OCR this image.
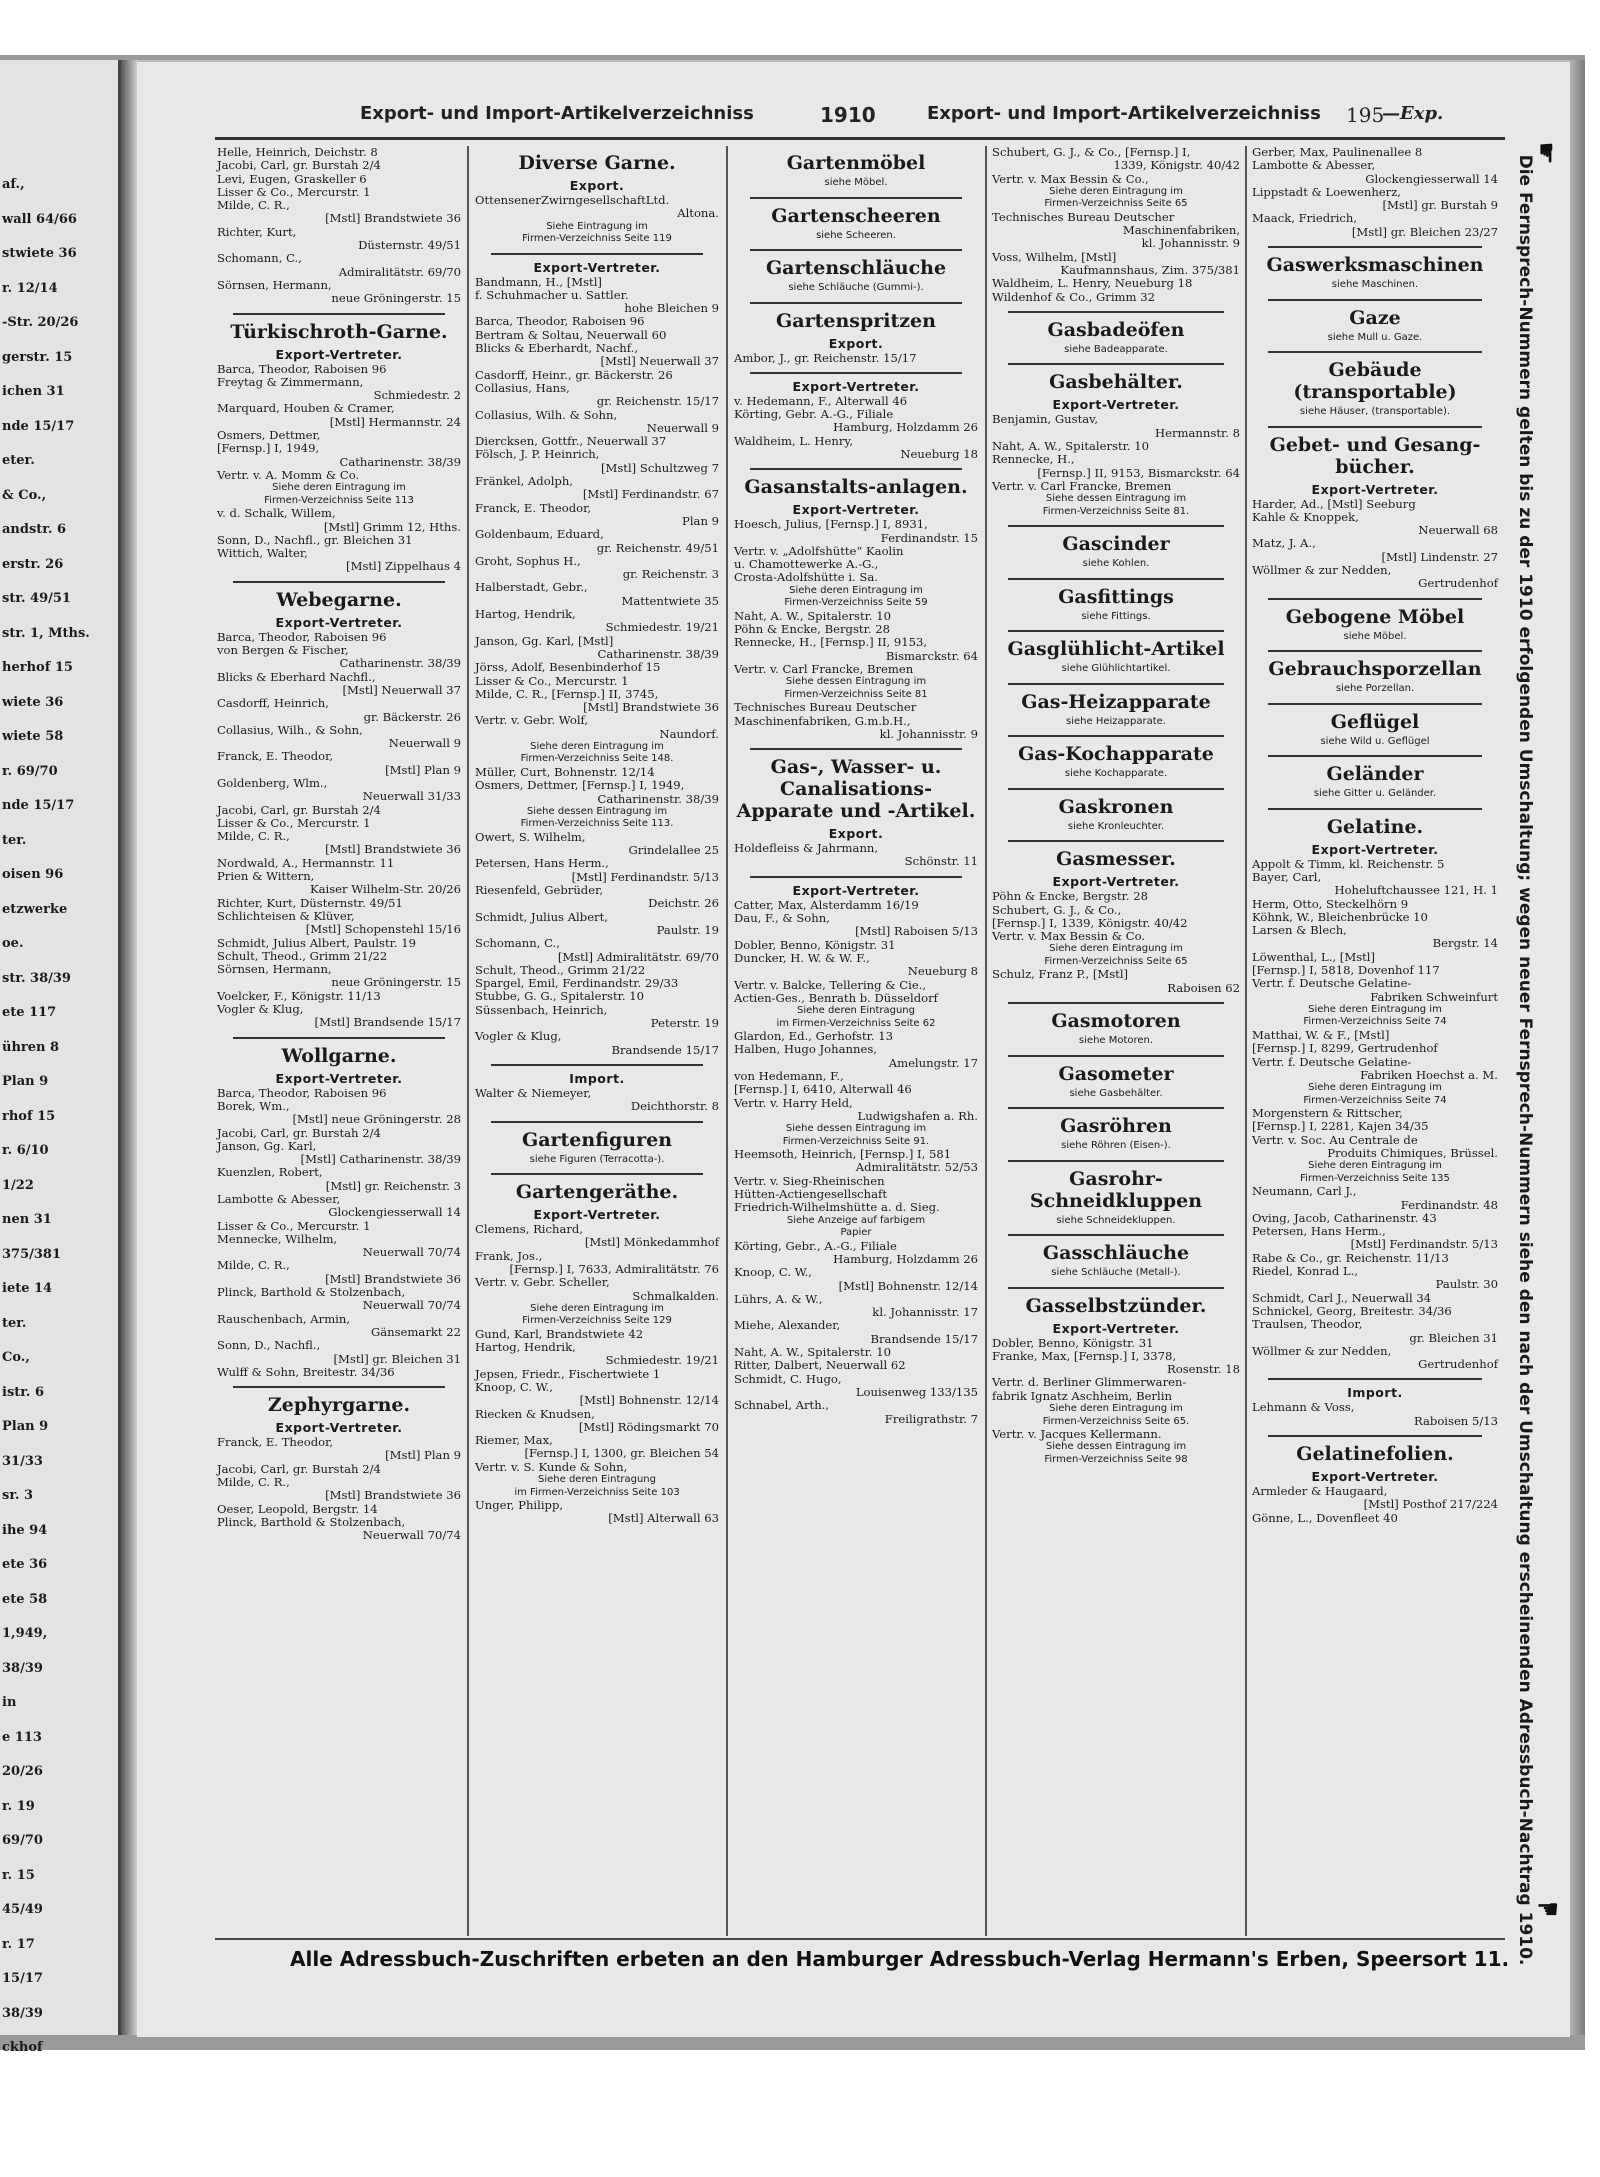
af.,
wall 64/66
stwiete 36
r. 12/14
-Str. 20/26
gerstr. 15
ichen 31
nde 15/17
eter.
& Co.,
andstr. 6
erstr. 26
str. 49/51
str. 1, Mths.
herhof 15
wiete 36
wiete 58
r. 69/70
nde 15/17
ter.
oisen 96
etzwerke
oe.
str. 38/39
ete 117
ühren 8
Plan 9
rhof 15
r. 6/10
1/22
nen 31
375/381
iete 14
ter.
Co.,
istr. 6
Plan 9
31/33
sr. 3
ihe 94
ete 36
ete 58
1,949,
38/39
in
e 113
20/26
r. 19
69/70
r. 15
45/49
r. 17
15/17
38/39
ckhof
Export- und Import-Artikelverzeichniss	1910	Export- und Import-Artikelverzeichniss 195
—Exp.
Helle, Heinrich, Deichstr. 8
Jacobi, Carl, gr. Burstah 2/4
Levi, Eugen, Graskeller 6
Lisser & Co., Mercurstr. 1
Milde, C. R.,
[Mstl] Brandstwiete 36
Richter, Kurt,
Düsternstr. 49/51
Schomann, C.,
Admiralitätstr. 69/70
Sörnsen, Hermann,
neue Gröningerstr. 15
Türkischroth-Garne.
Export-Vertreter.
Barca, Theodor, Raboisen 96
Freytag & Zimmermann,
Schmiedestr. 2
Marquard, Houben & Cramer,
[Mstl] Hermannstr. 24
Osmers, Dettmer,
[Fernsp.] I, 1949,
Catharinenstr. 38/39
Vertr. v. A. Momm & Co.
Siehe deren Eintragung im
Firmen-Verzeichniss Seite 113
v. d. Schalk, Willem,
[Mstl] Grimm 12, Hths.
Sonn, D., Nachfl., gr. Bleichen 31
Wittich, Walter,
[Mstl] Zippelhaus 4
Webegarne.
Export-Vertreter.
Barca, Theodor, Raboisen 96
von Bergen & Fischer,
Catharinenstr. 38/39
Blicks & Eberhard Nachfl.,
[Mstl] Neuerwall 37
Casdorff, Heinrich,
gr. Bäckerstr. 26
Collasius, Wilh., & Sohn,
Neuerwall 9
Franck, E. Theodor,
[Mstl] Plan 9
Goldenberg, Wlm.,
Neuerwall 31/33
Jacobi, Carl, gr. Burstah 2/4
Lisser & Co., Mercurstr. 1
Milde, C. R.,
[Mstl] Brandstwiete 36
Nordwald, A., Hermannstr. 11
Prien & Wittern,
Kaiser Wilhelm-Str. 20/26
Richter, Kurt, Düsternstr. 49/51
Schlichteisen & Klüver,
[Mstl] Schopenstehl 15/16
Schmidt, Julius Albert, Paulstr. 19
Schult, Theod., Grimm 21/22
Sörnsen, Hermann,
neue Gröningerstr. 15
Voelcker, F., Königstr. 11/13
Vogler & Klug,
[Mstl] Brandsende 15/17
Wollgarne.
Export-Vertreter.
Barca, Theodor, Raboisen 96
Borek, Wm.,
[Mstl] neue Gröningerstr. 28
Jacobi, Carl, gr. Burstah 2/4
Janson, Gg. Karl,
[Mstl] Catharinenstr. 38/39
Kuenzlen, Robert,
[Mstl] gr. Reichenstr. 3
Lambotte & Abesser,
Glockengiesserwall 14
Lisser & Co., Mercurstr. 1
Mennecke, Wilhelm,
Neuerwall 70/74
Milde, C. R.,
[Mstl] Brandstwiete 36
Plinck, Barthold & Stolzenbach,
Neuerwall 70/74
Rauschenbach, Armin,
Gänsemarkt 22
Sonn, D., Nachfl.,
[Mstl] gr. Bleichen 31
Wulff & Sohn, Breitestr. 34/36
Zephyrgarne.
Export-Vertreter.
Franck, E. Theodor,
[Mstl] Plan 9
Jacobi, Carl, gr. Burstah 2/4
Milde, C. R.,
[Mstl] Brandstwiete 36
Oeser, Leopold, Bergstr. 14
Plinck, Barthold & Stolzenbach,
Neuerwall 70/74
Diverse Garne.
Export.
OttensenerZwirngesellschaftLtd.
Altona.
Siehe Eintragung im
Firmen-Verzeichniss Seite 119
Export-Vertreter.
Bandmann, H., [Mstl]
f. Schuhmacher u. Sattler.
hohe Bleichen 9
Barca, Theodor, Raboisen 96
Bertram & Soltau, Neuerwall 60
Blicks & Eberhardt, Nachf.,
[Mstl] Neuerwall 37
Casdorff, Heinr., gr. Bäckerstr. 26
Collasius, Hans,
gr. Reichenstr. 15/17
Collasius, Wilh. & Sohn,
Neuerwall 9
Diercksen, Gottfr., Neuerwall 37
Fölsch, J. P. Heinrich,
[Mstl] Schultzweg 7
Fränkel, Adolph,
[Mstl] Ferdinandstr. 67
Franck, E. Theodor,
Plan 9
Goldenbaum, Eduard,
gr. Reichenstr. 49/51
Groht, Sophus H.,
gr. Reichenstr. 3
Halberstadt, Gebr.,
Mattentwiete 35
Hartog, Hendrik,
Schmiedestr. 19/21
Janson, Gg. Karl, [Mstl]
Catharinenstr. 38/39
Jörss, Adolf, Besenbinderhof 15
Lisser & Co., Mercurstr. 1
Milde, C. R., [Fernsp.] II, 3745,
[Mstl] Brandstwiete 36
Vertr. v. Gebr. Wolf,
Naundorf.
Siehe deren Eintragung im
Firmen-Verzeichniss Seite 148.
Müller, Curt, Bohnenstr. 12/14
Osmers, Dettmer, [Fernsp.] I, 1949,
Catharinenstr. 38/39
Siehe dessen Eintragung im
Firmen-Verzeichniss Seite 113.
Owert, S. Wilhelm,
Grindelallee 25
Petersen, Hans Herm.,
[Mstl] Ferdinandstr. 5/13
Riesenfeld, Gebrüder,
Deichstr. 26
Schmidt, Julius Albert,
Paulstr. 19
Schomann, C.,
[Mstl] Admiralitätstr. 69/70
Schult, Theod., Grimm 21/22
Spargel, Emil, Ferdinandstr. 29/33
Stubbe, G. G., Spitalerstr. 10
Süssenbach, Heinrich,
Peterstr. 19
Vogler & Klug,
Brandsende 15/17
Import.
Walter & Niemeyer,
Deichthorstr. 8
Gartenfiguren
siehe Figuren (Terracotta-).
Gartengeräthe.
Export-Vertreter.
Clemens, Richard,
[Mstl] Mönkedammhof
Frank, Jos.,
[Fernsp.] I, 7633, Admiralitätstr. 76
Vertr. v. Gebr. Scheller,
Schmalkalden.
Siehe deren Eintragung im
Firmen-Verzeichniss Seite 129
Gund, Karl, Brandstwiete 42
Hartog, Hendrik,
Schmiedestr. 19/21
Jepsen, Friedr., Fischertwiete 1
Knoop, C. W.,
[Mstl] Bohnenstr. 12/14
Riecken & Knudsen,
[Mstl] Rödingsmarkt 70
Riemer, Max,
[Fernsp.] I, 1300, gr. Bleichen 54
Vertr. v. S. Kunde & Sohn,
Siehe deren Eintragung
im Firmen-Verzeichniss Seite 103
Unger, Philipp,
[Mstl] Alterwall 63
Gartenmöbel
siehe Möbel.
Gartenscheeren
siehe Scheeren.
Gartenschläuche
siehe Schläuche (Gummi-).
Gartenspritzen
Export.
Ambor, J., gr. Reichenstr. 15/17
Export-Vertreter.
v. Hedemann, F., Alterwall 46
Körting, Gebr. A.-G., Filiale
Hamburg, Holzdamm 26
Waldheim, L. Henry,
Neueburg 18
Gasanstalts-anlagen.
Export-Vertreter.
Hoesch, Julius, [Fernsp.] I, 8931,
Ferdinandstr. 15
Vertr. v. „Adolfshütte“ Kaolin
u. Chamottewerke A.-G.,
Crosta-Adolfshütte i. Sa.
Siehe deren Eintragung im
Firmen-Verzeichniss Seite 59
Naht, A. W., Spitalerstr. 10
Pöhn & Encke, Bergstr. 28
Rennecke, H., [Fernsp.] II, 9153,
Bismarckstr. 64
Vertr. v. Carl Francke, Bremen
Siehe dessen Eintragung im
Firmen-Verzeichniss Seite 81
Technisches Bureau Deutscher
Maschinenfabriken, G.m.b.H.,
kl. Johannisstr. 9
Gas-, Wasser- u. Canalisations-Apparate und -Artikel.
Export.
Holdefleiss & Jahrmann,
Schönstr. 11
Export-Vertreter.
Catter, Max, Alsterdamm 16/19
Dau, F., & Sohn,
[Mstl] Raboisen 5/13
Dobler, Benno, Königstr. 31
Duncker, H. W. & W. F.,
Neueburg 8
Vertr. v. Balcke, Tellering & Cie.,
Actien-Ges., Benrath b. Düsseldorf
Siehe deren Eintragung
im Firmen-Verzeichniss Seite 62
Glardon, Ed., Gerhofstr. 13
Halben, Hugo Johannes,
Amelungstr. 17
von Hedemann, F.,
[Fernsp.] I, 6410, Alterwall 46
Vertr. v. Harry Held,
Ludwigshafen a. Rh.
Siehe dessen Eintragung im
Firmen-Verzeichniss Seite 91.
Heemsoth, Heinrich, [Fernsp.] I, 581
Admiralitätstr. 52/53
Vertr. v. Sieg-Rheinischen
Hütten-Actiengesellschaft
Friedrich-Wilhelmshütte a. d. Sieg.
Siehe Anzeige auf farbigem
Papier
Körting, Gebr., A.-G., Filiale
Hamburg, Holzdamm 26
Knoop, C. W.,
[Mstl] Bohnenstr. 12/14
Lührs, A. & W.,
kl. Johannisstr. 17
Miehe, Alexander,
Brandsende 15/17
Naht, A. W., Spitalerstr. 10
Ritter, Dalbert, Neuerwall 62
Schmidt, C. Hugo,
Louisenweg 133/135
Schnabel, Arth.,
Freiligrathstr. 7
Schubert, G. J., & Co., [Fernsp.] I,
1339, Königstr. 40/42
Vertr. v. Max Bessin & Co.,
Siehe deren Eintragung im
Firmen-Verzeichniss Seite 65
Technisches Bureau Deutscher
Maschinenfabriken,
kl. Johannisstr. 9
Voss, Wilhelm, [Mstl]
Kaufmannshaus, Zim. 375/381
Waldheim, L. Henry, Neueburg 18
Wildenhof & Co., Grimm 32
Gasbadeöfen
siehe Badeapparate.
Gasbehälter.
Export-Vertreter.
Benjamin, Gustav,
Hermannstr. 8
Naht, A. W., Spitalerstr. 10
Rennecke, H.,
[Fernsp.] II, 9153, Bismarckstr. 64
Vertr. v. Carl Francke, Bremen
Siehe dessen Eintragung im
Firmen-Verzeichniss Seite 81.
Gascinder
siehe Kohlen.
Gasfittings
siehe Fittings.
Gasglühlicht-Artikel
siehe Glühlichtartikel.
Gas-Heizapparate
siehe Heizapparate.
Gas-Kochapparate
siehe Kochapparate.
Gaskronen
siehe Kronleuchter.
Gasmesser.
Export-Vertreter.
Pöhn & Encke, Bergstr. 28
Schubert, G. J., & Co.,
[Fernsp.] I, 1339, Königstr. 40/42
Vertr. v. Max Bessin & Co.
Siehe deren Eintragung im
Firmen-Verzeichniss Seite 65
Schulz, Franz P., [Mstl]
Raboisen 62
Gasmotoren
siehe Motoren.
Gasometer
siehe Gasbehälter.
Gasröhren
siehe Röhren (Eisen-).
Gasrohr-Schneidkluppen
siehe Schneidekluppen.
Gasschläuche
siehe Schläuche (Metall-).
Gasselbstzünder.
Export-Vertreter.
Dobler, Benno, Königstr. 31
Franke, Max, [Fernsp.] I, 3378,
Rosenstr. 18
Vertr. d. Berliner Glimmerwaren-
fabrik Ignatz Aschheim, Berlin
Siehe deren Eintragung im
Firmen-Verzeichniss Seite 65.
Vertr. v. Jacques Kellermann.
Siehe dessen Eintragung im
Firmen-Verzeichniss Seite 98
Gerber, Max, Paulinenallee 8
Lambotte & Abesser,
Glockengiesserwall 14
Lippstadt & Loewenherz,
[Mstl] gr. Burstah 9
Maack, Friedrich,
[Mstl] gr. Bleichen 23/27
Gaswerksmaschinen
siehe Maschinen.
Gaze
siehe Mull u. Gaze.
Gebäude (transportable)
siehe Häuser, (transportable).
Gebet- und Gesang-bücher.
Export-Vertreter.
Harder, Ad., [Mstl] Seeburg
Kahle & Knoppek,
Neuerwall 68
Matz, J. A.,
[Mstl] Lindenstr. 27
Wöllmer & zur Nedden,
Gertrudenhof
Gebogene Möbel
siehe Möbel.
Gebrauchsporzellan
siehe Porzellan.
Geflügel
siehe Wild u. Geflügel
Geländer
siehe Gitter u. Geländer.
Gelatine.
Export-Vertreter.
Appolt & Timm, kl. Reichenstr. 5
Bayer, Carl,
Hoheluftchaussee 121, H. 1
Herm, Otto, Steckelhörn 9
Köhnk, W., Bleichenbrücke 10
Larsen & Blech,
Bergstr. 14
Löwenthal, L., [Mstl]
[Fernsp.] I, 5818, Dovenhof 117
Vertr. f. Deutsche Gelatine-
Fabriken Schweinfurt
Siehe deren Eintragung im
Firmen-Verzeichniss Seite 74
Matthai, W. & F., [Mstl]
[Fernsp.] I, 8299, Gertrudenhof
Vertr. f. Deutsche Gelatine-
Fabriken Hoechst a. M.
Siehe deren Eintragung im
Firmen-Verzeichniss Seite 74
Morgenstern & Rittscher,
[Fernsp.] I, 2281, Kajen 34/35
Vertr. v. Soc. Au Centrale de
Produits Chimiques, Brüssel.
Siehe deren Eintragung im
Firmen-Verzeichniss Seite 135
Neumann, Carl J.,
Ferdinandstr. 48
Oving, Jacob, Catharinenstr. 43
Petersen, Hans Herm.,
[Mstl] Ferdinandstr. 5/13
Rabe & Co., gr. Reichenstr. 11/13
Riedel, Konrad L.,
Paulstr. 30
Schmidt, Carl J., Neuerwall 34
Schnickel, Georg, Breitestr. 34/36
Traulsen, Theodor,
gr. Bleichen 31
Wöllmer & zur Nedden,
Gertrudenhof
Import.
Lehmann & Voss,
Raboisen 5/13
Gelatinefolien.
Export-Vertreter.
Armleder & Haugaard,
[Mstl] Posthof 217/224
Gönne, L., Dovenfleet 40
☛
Die Fernsprech-Nummern gelten bis zu der 1910 erfolgenden Umschaltung; wegen neuer Fernsprech-Nummern siehe den nach der Umschaltung erscheinenden Adressbuch-Nachtrag 1910. ☚
Alle Adressbuch-Zuschriften erbeten an den Hamburger Adressbuch-Verlag Hermann's Erben, Speersort 11.
